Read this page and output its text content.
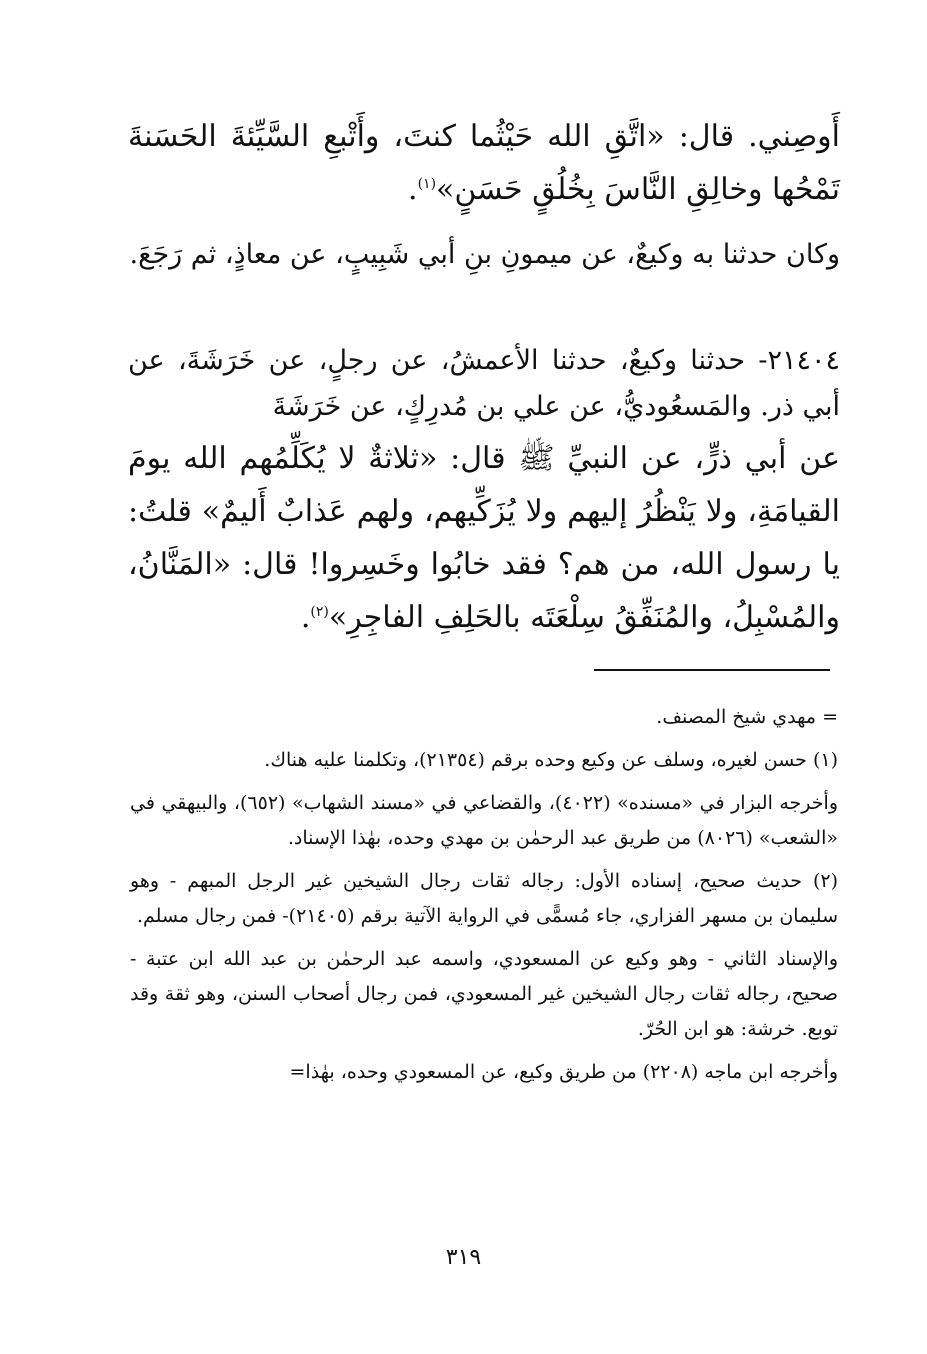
أَوصِني. قال: «اتَّقِ الله حَيْثُما كنتَ، وأَتْبعِ السَّيِّئةَ الحَسَنةَ تَمْحُها وخالِقِ النَّاسَ بِخُلُقٍ حَسَنٍ»$^{(١)}$.

وكان حدثنا به وكيعٌ، عن ميمونِ بنِ أبي شَبِيبٍ، عن معاذٍ، ثم رَجَعَ.

٢١٤٠٤- حدثنا وكيعٌ، حدثنا الأعمشُ، عن رجلٍ، عن خَرَشَةَ، عن أبي ذر. والمَسعُوديُّ، عن علي بن مُدرِكٍ، عن خَرَشَةَ

عن أبي ذرٍّ، عن النبيِّ ﷺ قال: «ثلاثةٌ لا يُكَلِّمُهم الله يومَ القيامَةِ، ولا يَنْظُرُ إليهم ولا يُزَكِّيهم، ولهم عَذابٌ أَليمٌ» قلتُ: يا رسول الله، من هم؟ فقد خابُوا وخَسِروا! قال: «المَنَّانُ، والمُسْبِلُ، والمُنَفِّقُ سِلْعَتَه بالحَلِفِ الفاجِرِ»$^{(٢)}$.

= مهدي شيخ المصنف.

(١) حسن لغيره، وسلف عن وكيع وحده برقم (٢١٣٥٤)، وتكلمنا عليه هناك.

وأخرجه البزار في «مسنده» (٤٠٢٢)، والقضاعي في «مسند الشهاب» (٦٥٢)، والبيهقي في «الشعب» (٨٠٢٦) من طريق عبد الرحمٰن بن مهدي وحده، بهٰذا الإسناد.

(٢) حديث صحيح، إسناده الأول: رجاله ثقات رجال الشيخين غير الرجل المبهم - وهو سليمان بن مسهر الفزاري، جاء مُسمًّى في الرواية الآتية برقم (٢١٤٠٥)- فمن رجال مسلم.

والإسناد الثاني - وهو وكيع عن المسعودي، واسمه عبد الرحمٰن بن عبد الله ابن عتبة - صحيح، رجاله ثقات رجال الشيخين غير المسعودي، فمن رجال أصحاب السنن، وهو ثقة وقد توبع. خرشة: هو ابن الحُرّ.

وأخرجه ابن ماجه (٢٢٠٨) من طريق وكيع، عن المسعودي وحده، بهٰذا=

٣١٩
